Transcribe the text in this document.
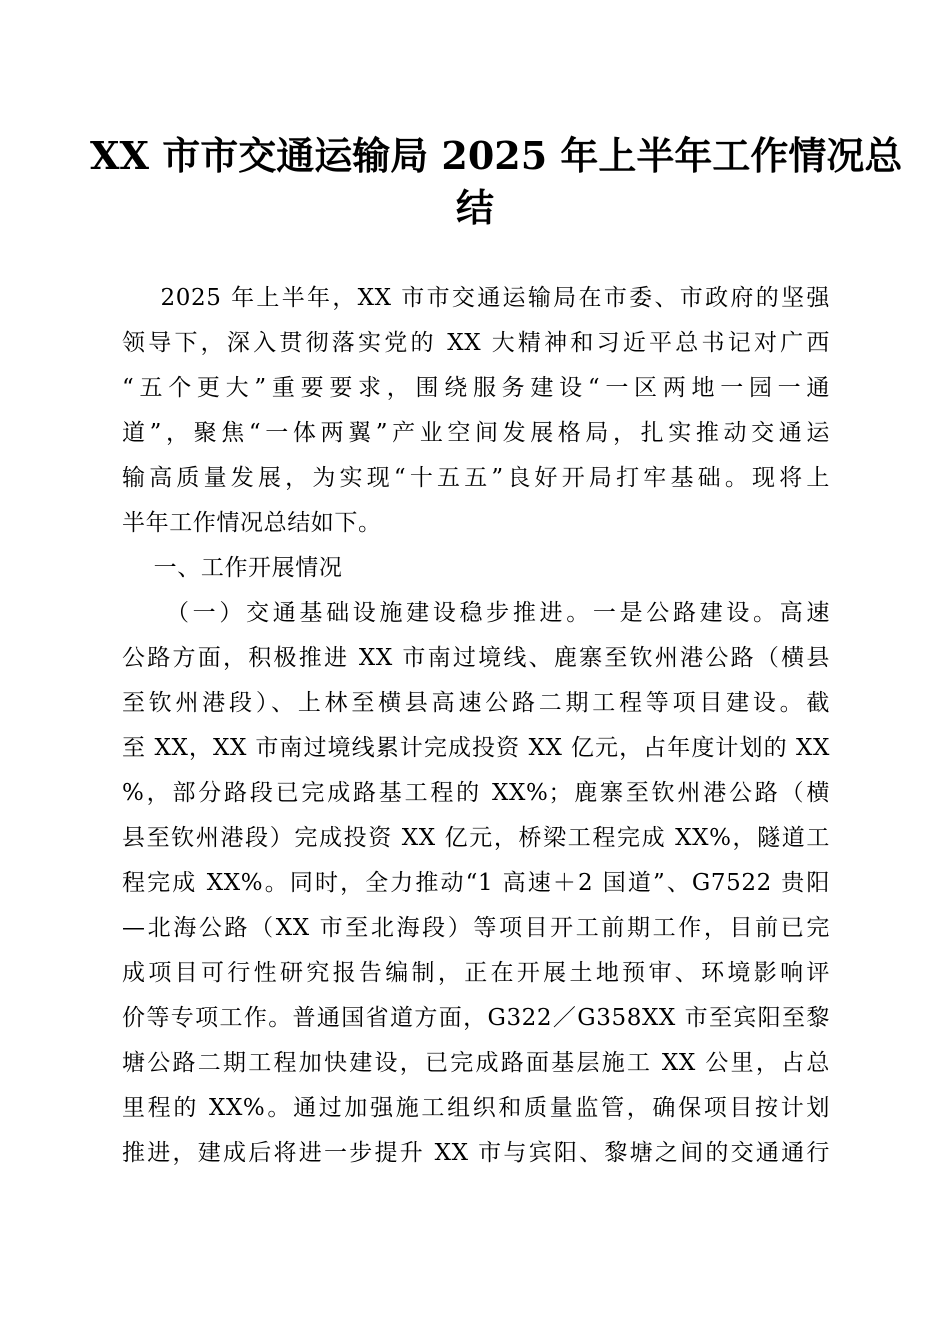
XX 市市交通运输局 2025 年上半年工作情况总
结
2025 年上半年，XX 市市交通运输局在市委、市政府的坚强
领导下，深入贯彻落实党的 XX 大精神和习近平总书记对广西
“五个更大”重要要求，围绕服务建设“一区两地一园一通
道”，聚焦“一体两翼”产业空间发展格局，扎实推动交通运
输高质量发展，为实现“十五五”良好开局打牢基础。现将上
半年工作情况总结如下。
一、工作开展情况
（一）交通基础设施建设稳步推进。一是公路建设。高速
公路方面，积极推进 XX 市南过境线、鹿寨至钦州港公路（横县
至钦州港段）、上林至横县高速公路二期工程等项目建设。截
至 XX，XX 市南过境线累计完成投资 XX 亿元，占年度计划的 XX
%，部分路段已完成路基工程的 XX%；鹿寨至钦州港公路（横
县至钦州港段）完成投资 XX 亿元，桥梁工程完成 XX%，隧道工
程完成 XX%。同时，全力推动“1 高速＋2 国道”、G7522 贵阳
—北海公路（XX 市至北海段）等项目开工前期工作，目前已完
成项目可行性研究报告编制，正在开展土地预审、环境影响评
价等专项工作。普通国省道方面，G322／G358XX 市至宾阳至黎
塘公路二期工程加快建设，已完成路面基层施工 XX 公里，占总
里程的 XX%。通过加强施工组织和质量监管，确保项目按计划
推进，建成后将进一步提升 XX 市与宾阳、黎塘之间的交通通行
